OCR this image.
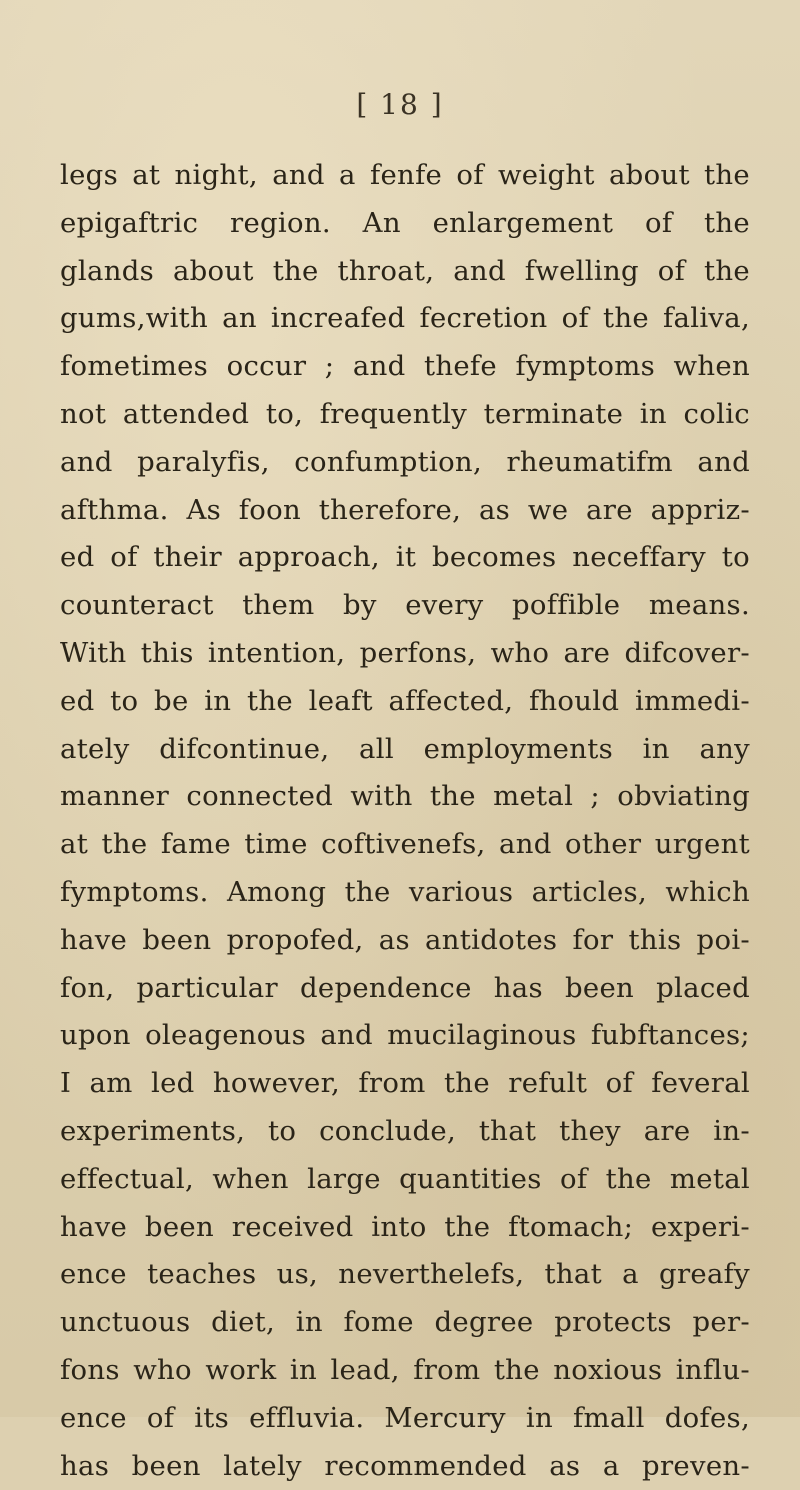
[ 18 ]
legs at night, and a fenfe of weight about the
epigaftric region. An enlargement of the
glands about the throat, and fwelling of the
gums,with an increafed fecretion of the faliva,
fometimes occur ; and thefe fymptoms when
not attended to, frequently terminate in colic
and paralyfis, confumption, rheumatifm and
afthma. As foon therefore, as we are appriz-
ed of their approach, it becomes neceffary to
counteract them by every poffible means.
With this intention, perfons, who are difcover-
ed to be in the leaft affected, fhould immedi-
ately difcontinue, all employments in any
manner connected with the metal ; obviating
at the fame time coftivenefs, and other urgent
fymptoms. Among the various articles, which
have been propofed, as antidotes for this poi-
fon, particular dependence has been placed
upon oleagenous and mucilaginous fubftances;
I am led however, from the refult of feveral
experiments, to conclude, that they are in-
effectual, when large quantities of the metal
have been received into the ftomach; experi-
ence teaches us, neverthelefs, that a greafy
unctuous diet, in fome degree protects per-
fons who work in lead, from the noxious influ-
ence of its effluvia. Mercury in fmall dofes,
has been lately recommended as a preven-
